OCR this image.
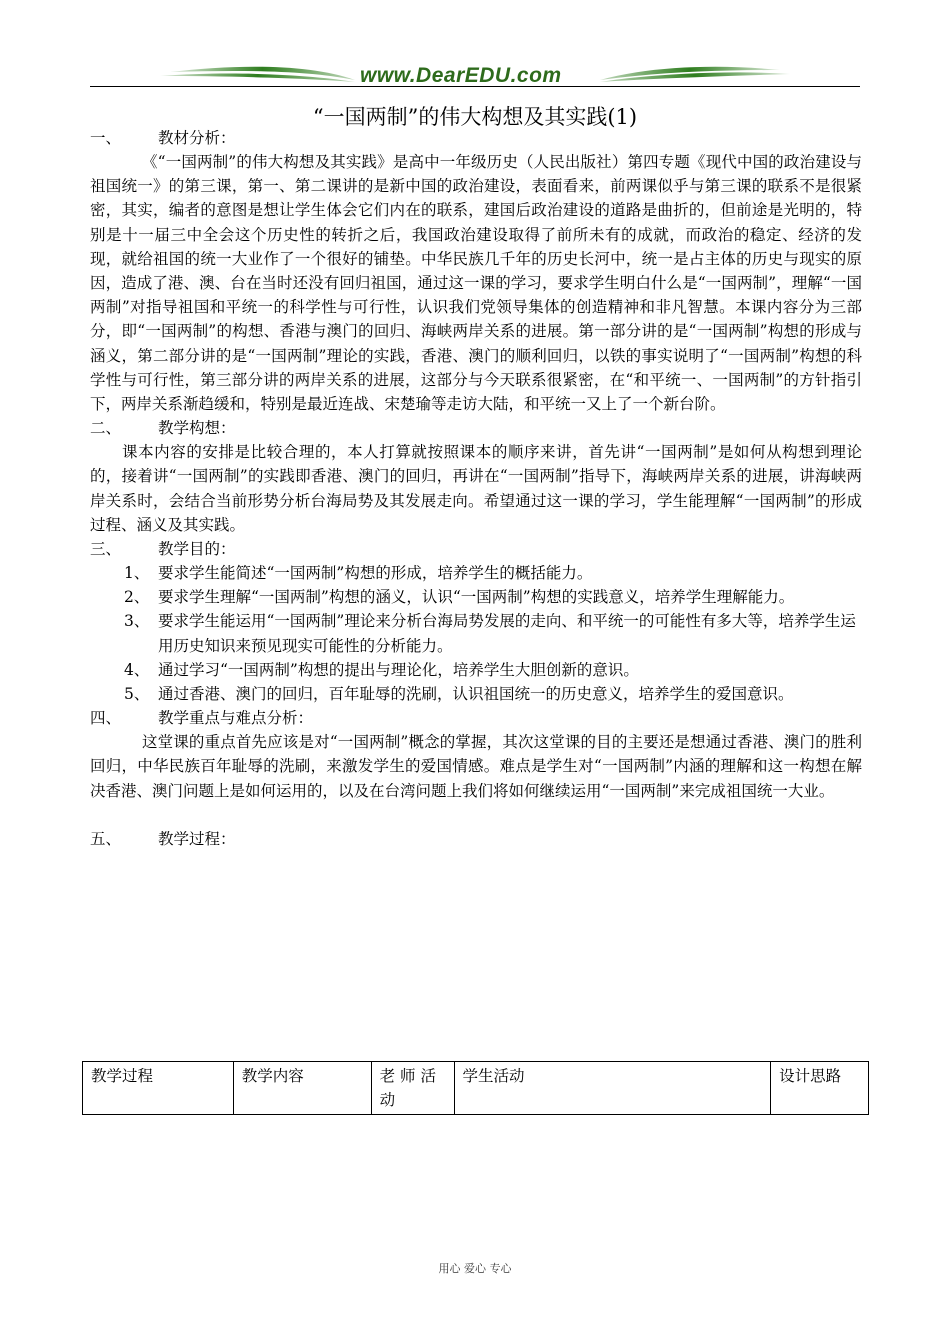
www.DearEDU.com
“一国两制”的伟大构想及其实践(1)
一、 教材分析：
《“一国两制”的伟大构想及其实践》是高中一年级历史（人民出版社）第四专题《现代中国的政治建设与祖国统一》的第三课，第一、第二课讲的是新中国的政治建设，表面看来，前两课似乎与第三课的联系不是很紧密，其实，编者的意图是想让学生体会它们内在的联系，建国后政治建设的道路是曲折的，但前途是光明的，特别是十一届三中全会这个历史性的转折之后，我国政治建设取得了前所未有的成就，而政治的稳定、经济的发现，就给祖国的统一大业作了一个很好的铺垫。中华民族几千年的历史长河中，统一是占主体的历史与现实的原因，造成了港、澳、台在当时还没有回归祖国，通过这一课的学习，要求学生明白什么是“一国两制”，理解“一国两制”对指导祖国和平统一的科学性与可行性，认识我们党领导集体的创造精神和非凡智慧。本课内容分为三部分，即“一国两制”的构想、香港与澳门的回归、海峡两岸关系的进展。第一部分讲的是“一国两制”构想的形成与涵义，第二部分讲的是“一国两制”理论的实践，香港、澳门的顺利回归，以铁的事实说明了“一国两制”构想的科学性与可行性，第三部分讲的两岸关系的进展，这部分与今天联系很紧密，在“和平统一、一国两制”的方针指引下，两岸关系渐趋缓和，特别是最近连战、宋楚瑜等走访大陆，和平统一又上了一个新台阶。
二、 教学构想：
课本内容的安排是比较合理的，本人打算就按照课本的顺序来讲，首先讲“一国两制”是如何从构想到理论的，接着讲“一国两制”的实践即香港、澳门的回归，再讲在“一国两制”指导下，海峡两岸关系的进展，讲海峡两岸关系时，会结合当前形势分析台海局势及其发展走向。希望通过这一课的学习，学生能理解“一国两制”的形成过程、涵义及其实践。
三、 教学目的：
1、 要求学生能简述“一国两制”构想的形成，培养学生的概括能力。
2、 要求学生理解“一国两制”构想的涵义，认识“一国两制”构想的实践意义，培养学生理解能力。
3、 要求学生能运用“一国两制”理论来分析台海局势发展的走向、和平统一的可能性有多大等，培养学生运用历史知识来预见现实可能性的分析能力。
4、 通过学习“一国两制”构想的提出与理论化，培养学生大胆创新的意识。
5、 通过香港、澳门的回归，百年耻辱的洗刷，认识祖国统一的历史意义，培养学生的爱国意识。
四、 教学重点与难点分析：
这堂课的重点首先应该是对“一国两制”概念的掌握，其次这堂课的目的主要还是想通过香港、澳门的胜利回归，中华民族百年耻辱的洗刷，来激发学生的爱国情感。难点是学生对“一国两制”内涵的理解和这一构想在解决香港、澳门问题上是如何运用的，以及在台湾问题上我们将如何继续运用“一国两制”来完成祖国统一大业。
五、 教学过程：
教学过程	教学内容	老 师 活 动	学生活动	设计思路
用心 爱心 专心
